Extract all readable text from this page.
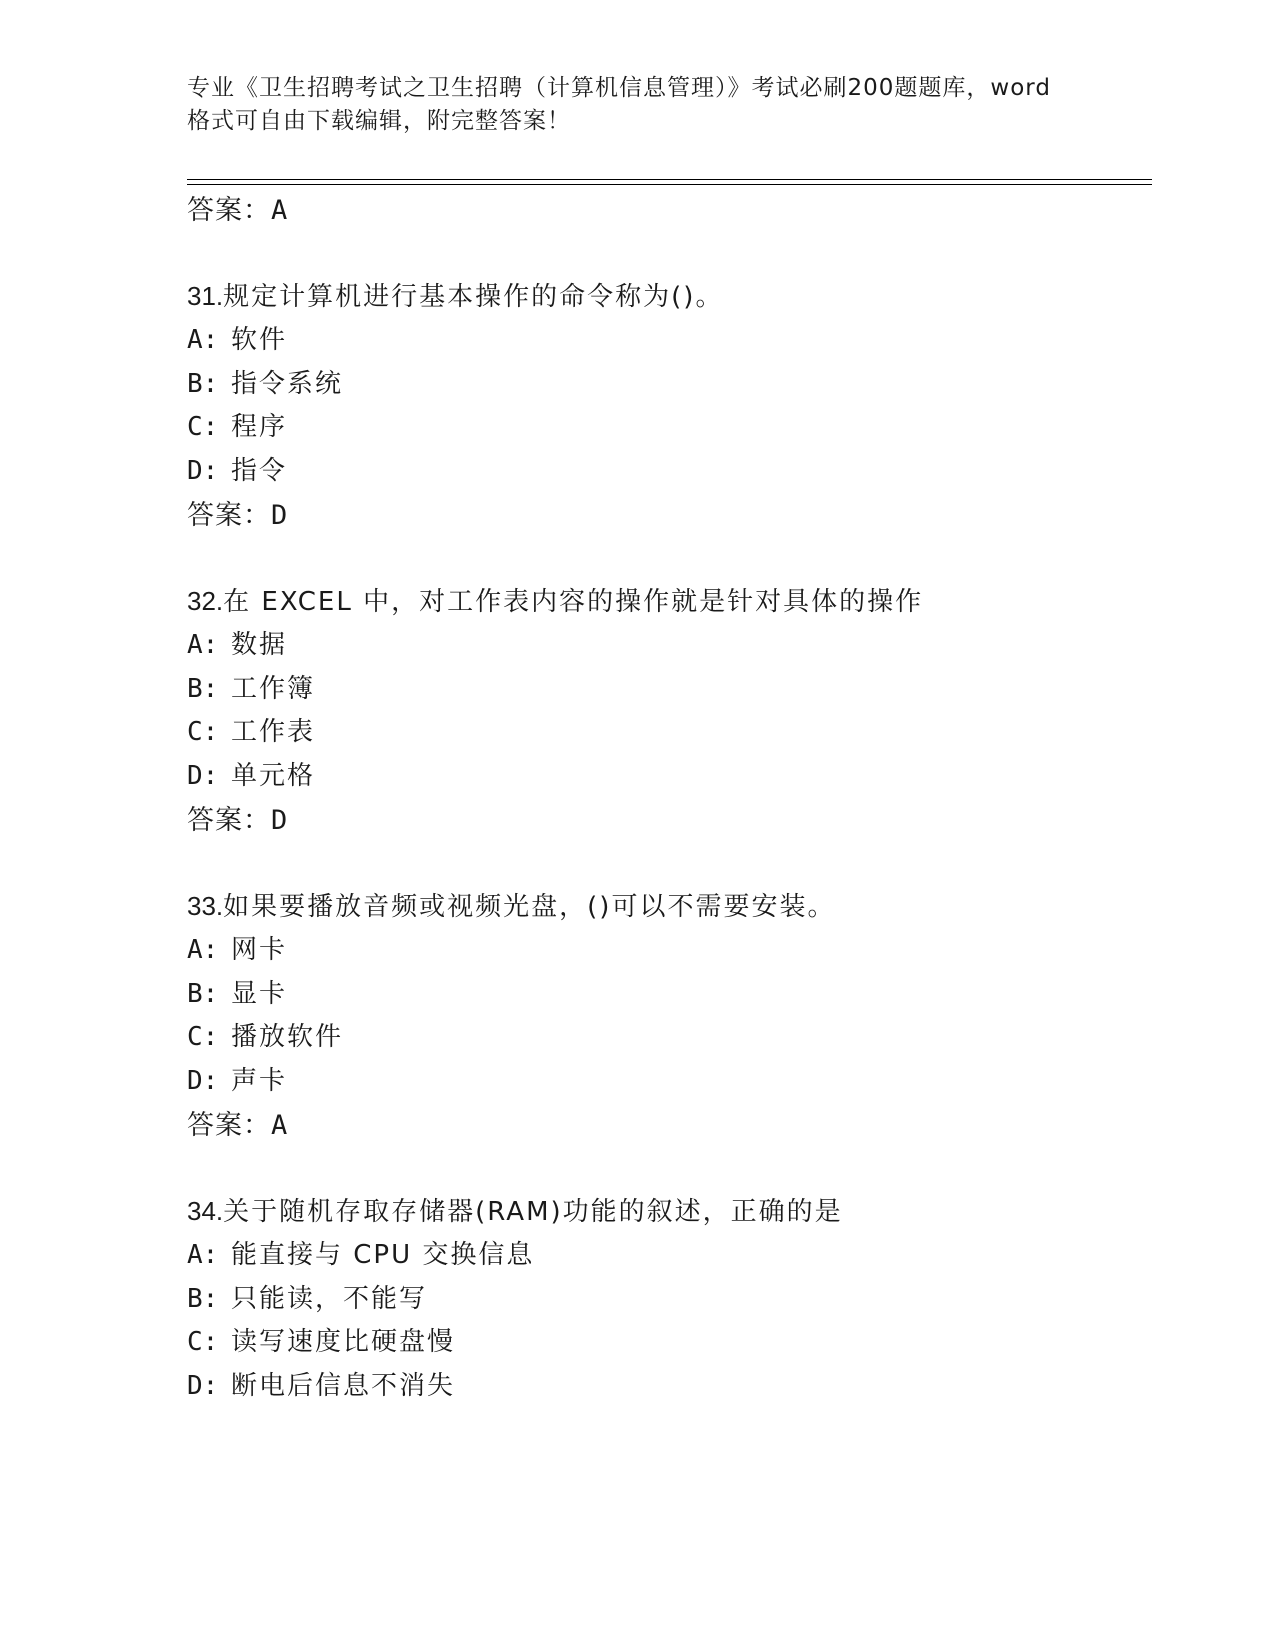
专业《卫生招聘考试之卫生招聘（计算机信息管理）》考试必刷200题题库，word
格式可自由下载编辑，附完整答案！
答案：A
31.规定计算机进行基本操作的命令称为()。
A: 软件
B: 指令系统
C: 程序
D: 指令
答案：D
32.在 EXCEL 中，对工作表内容的操作就是针对具体的操作
A: 数据
B: 工作簿
C: 工作表
D: 单元格
答案：D
33.如果要播放音频或视频光盘，()可以不需要安装。
A: 网卡
B: 显卡
C: 播放软件
D: 声卡
答案：A
34.关于随机存取存储器(RAM)功能的叙述，正确的是
A: 能直接与 CPU 交换信息
B: 只能读，不能写
C: 读写速度比硬盘慢
D: 断电后信息不消失
